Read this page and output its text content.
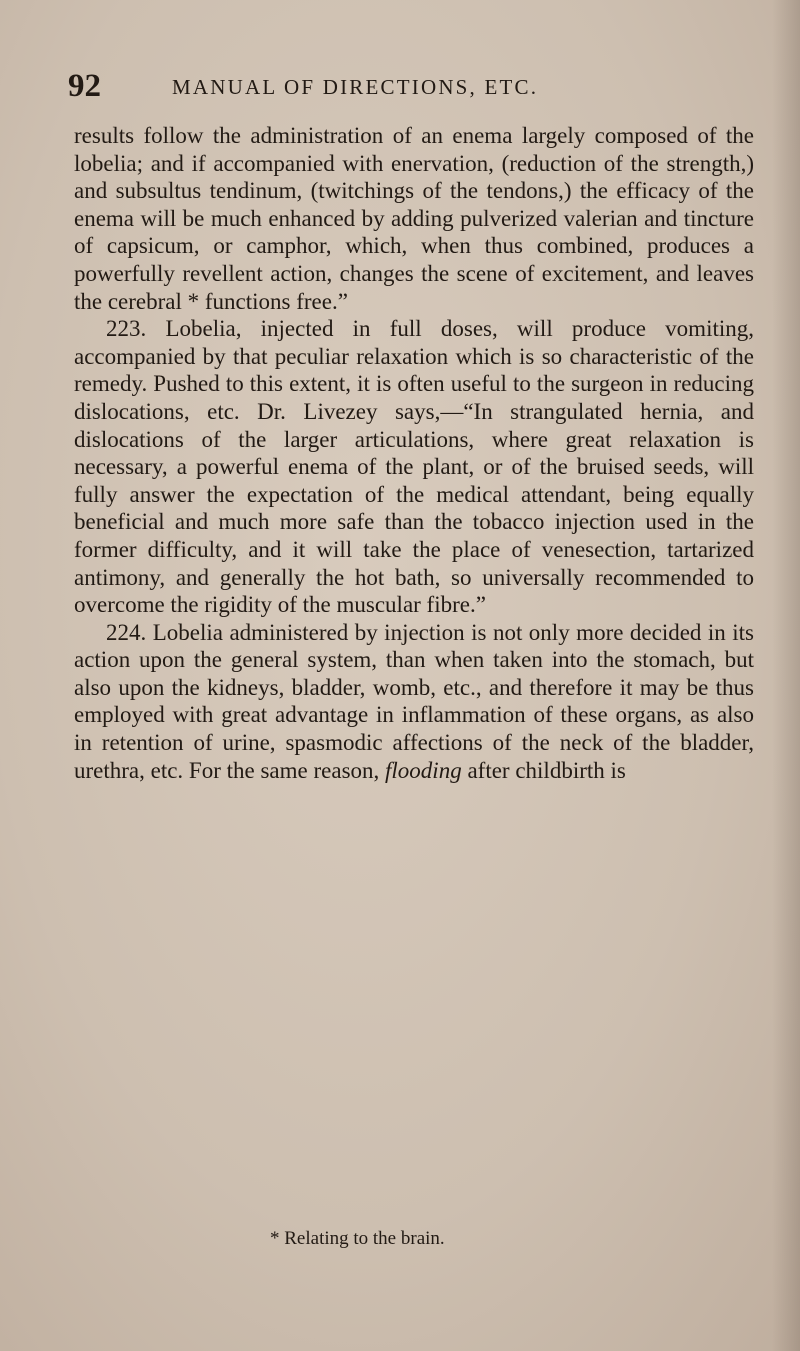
92	MANUAL OF DIRECTIONS, ETC.

results follow the administration of an enema largely composed of the lobelia; and if accompanied with enervation, (reduction of the strength,) and subsultus tendinum, (twitchings of the tendons,) the efficacy of the enema will be much enhanced by adding pulverized valerian and tincture of capsicum, or camphor, which, when thus combined, produces a powerfully revellent action, changes the scene of excitement, and leaves the cerebral * functions free.”

223. Lobelia, injected in full doses, will produce vomiting, accompanied by that peculiar relaxation which is so characteristic of the remedy. Pushed to this extent, it is often useful to the surgeon in reducing dislocations, etc. Dr. Livezey says,—“In strangulated hernia, and dislocations of the larger articulations, where great relaxation is necessary, a powerful enema of the plant, or of the bruised seeds, will fully answer the expectation of the medical attendant, being equally beneficial and much more safe than the tobacco injection used in the former difficulty, and it will take the place of venesection, tartarized antimony, and generally the hot bath, so universally recommended to overcome the rigidity of the muscular fibre.”

224. Lobelia administered by injection is not only more decided in its action upon the general system, than when taken into the stomach, but also upon the kidneys, bladder, womb, etc., and therefore it may be thus employed with great advantage in inflammation of these organs, as also in retention of urine, spasmodic affections of the neck of the bladder, urethra, etc. For the same reason, flooding after childbirth is

* Relating to the brain.
